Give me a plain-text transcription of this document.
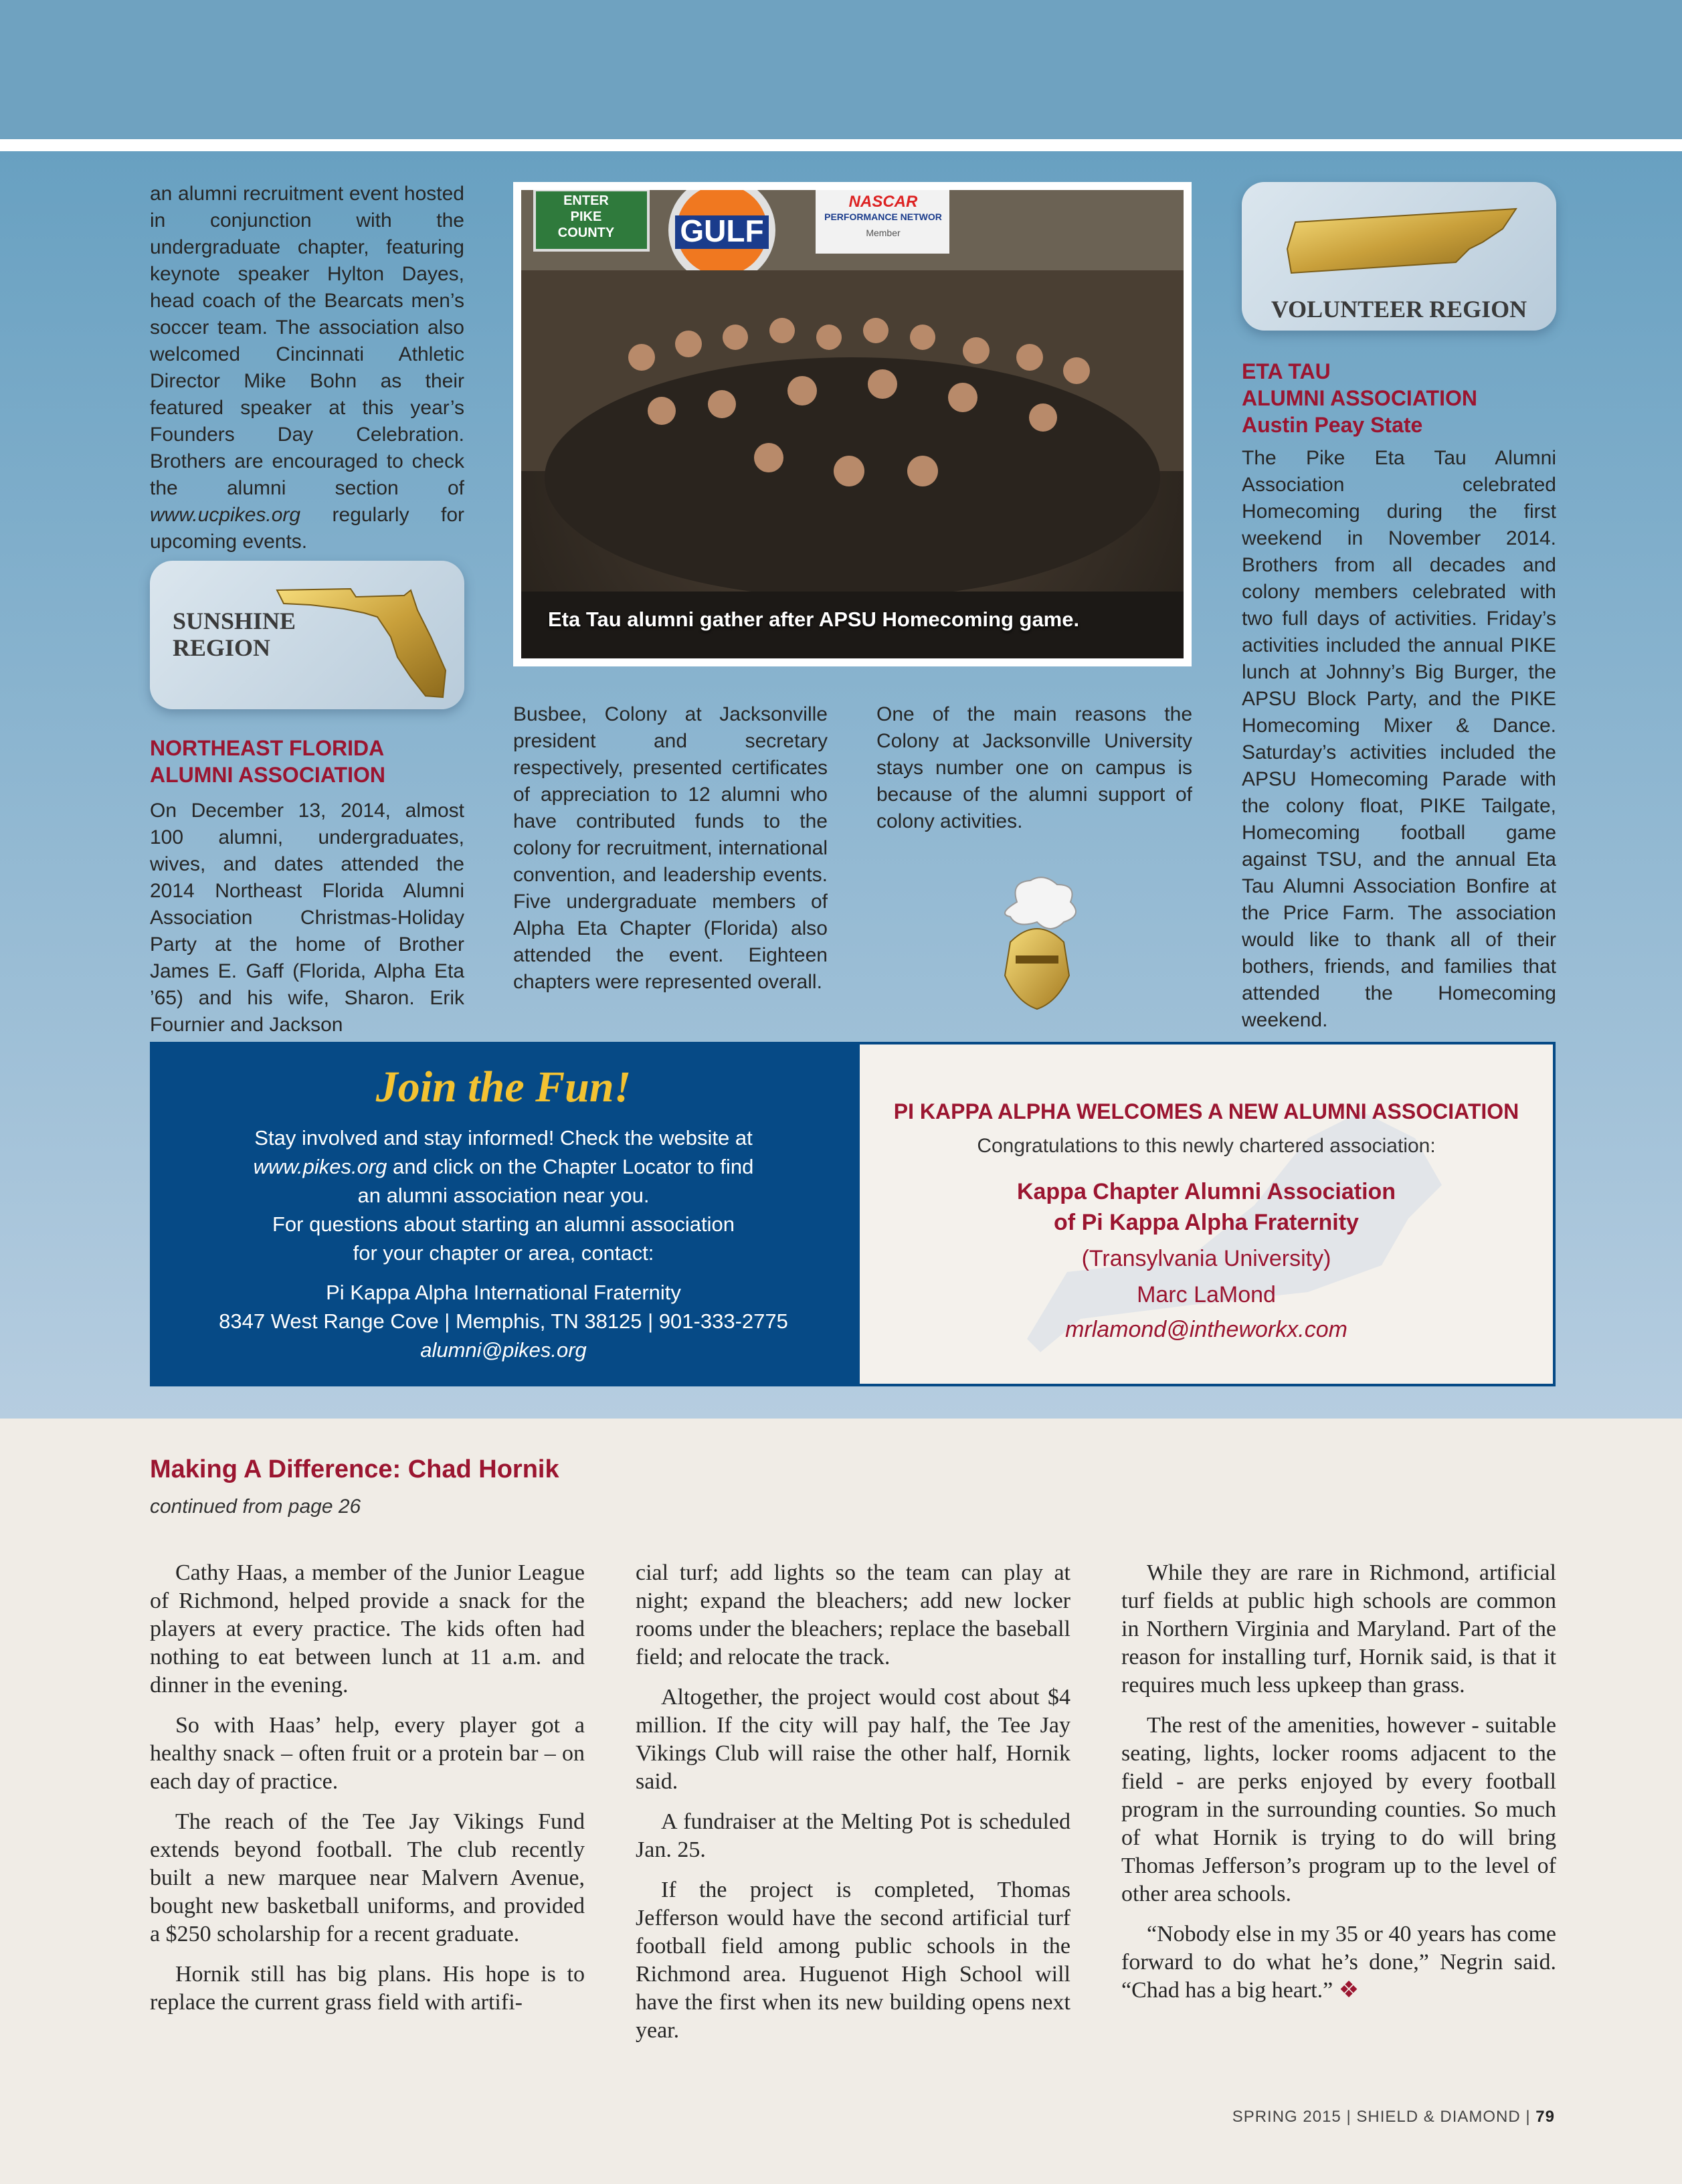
an alumni recruitment event hosted in conjunction with the undergraduate chapter, featuring keynote speaker Hylton Dayes, head coach of the Bearcats men’s soccer team. The association also welcomed Cincinnati Athletic Director Mike Bohn as their featured speaker at this year’s Founders Day Celebration. Brothers are encouraged to check the alumni section of www.ucpikes.org regularly for upcoming events.

SUNSHINE
REGION
NORTHEAST FLORIDA
ALUMNI ASSOCIATION

On December 13, 2014, almost 100 alumni, undergraduates, wives, and dates attended the 2014 Northeast Florida Alumni Association Christmas-Holiday Party at the home of Brother James E. Gaff (Florida, Alpha Eta ’65) and his wife, Sharon. Erik Fournier and Jackson

ENTER
PIKE
COUNTY	GULF
NASCAR
PERFORMANCE NETWOR
Member
Eta Tau alumni gather after APSU Homecoming game.

Busbee, Colony at Jacksonville president and secretary respectively, presented certificates of appreciation to 12 alumni who have contributed funds to the colony for recruitment, international convention, and leadership events. Five undergraduate members of Alpha Eta Chapter (Florida) also attended the event. Eighteen chapters were represented overall.

One of the main reasons the Colony at Jacksonville University stays number one on campus is because of the alumni support of colony activities.

VOLUNTEER REGION
ETA TAU
ALUMNI ASSOCIATION
Austin Peay State

The Pike Eta Tau Alumni Association celebrated Homecoming during the first weekend in November 2014. Brothers from all decades and colony members celebrated with two full days of activities. Friday’s activities included the annual PIKE lunch at Johnny’s Big Burger, the APSU Block Party, and the PIKE Homecoming Mixer & Dance. Saturday’s activities included the APSU Homecoming Parade with the colony float, PIKE Tailgate, Homecoming football game against TSU, and the annual Eta Tau Alumni Association Bonfire at the Price Farm. The association would like to thank all of their bothers, friends, and families that attended the Homecoming weekend.

Join the Fun!
Stay involved and stay informed! Check the website at
www.pikes.org and click on the Chapter Locator to find
an alumni association near you.
For questions about starting an alumni association
for your chapter or area, contact:
Pi Kappa Alpha International Fraternity
8347 West Range Cove | Memphis, TN 38125 | 901-333-2775
alumni@pikes.org
PI KAPPA ALPHA WELCOMES A NEW ALUMNI ASSOCIATION
Congratulations to this newly chartered association:
Kappa Chapter Alumni Association
of Pi Kappa Alpha Fraternity
(Transylvania University)
Marc LaMond
mrlamond@intheworkx.com
Making A Difference: Chad Hornik
continued from page 26

Cathy Haas, a member of the Junior League of Richmond, helped provide a snack for the players at every practice. The kids often had nothing to eat between lunch at 11 a.m. and dinner in the evening.

So with Haas’ help, every player got a healthy snack – often fruit or a protein bar – on each day of practice.

The reach of the Tee Jay Vikings Fund extends beyond football. The club recently built a new marquee near Malvern Avenue, bought new basketball uniforms, and provided a $250 scholarship for a recent graduate.

Hornik still has big plans. His hope is to replace the current grass field with artifi-

cial turf; add lights so the team can play at night; expand the bleachers; add new locker rooms under the bleachers; replace the baseball field; and relocate the track.

Altogether, the project would cost about $4 million. If the city will pay half, the Tee Jay Vikings Club will raise the other half, Hornik said.

A fundraiser at the Melting Pot is scheduled Jan. 25.

If the project is completed, Thomas Jefferson would have the second artificial turf football field among public schools in the Richmond area. Huguenot High School will have the first when its new building opens next year.

While they are rare in Richmond, artificial turf fields at public high schools are common in Northern Virginia and Maryland. Part of the reason for installing turf, Hornik said, is that it requires much less upkeep than grass.

The rest of the amenities, however - suitable seating, lights, locker rooms adjacent to the field - are perks enjoyed by every football program in the surrounding counties. So much of what Hornik is trying to do will bring Thomas Jefferson’s program up to the level of other area schools.

“Nobody else in my 35 or 40 years has come forward to do what he’s done,” Negrin said. “Chad has a big heart.” ❖

SPRING 2015 | SHIELD & DIAMOND | 79
